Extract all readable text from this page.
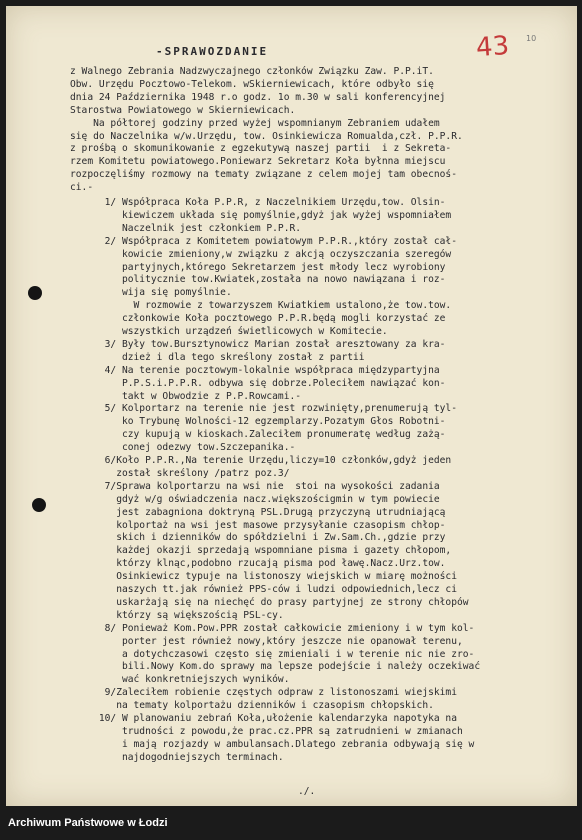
43 10
-SPRAWOZDANIE
z Walnego Zebrania Nadzwyczajnego członków Związku Zaw. P.P.iT.
Obw. Urzędu Pocztowo-Telekom. wSkierniewicach, które odbyło się
dnia 24 Października 1948 r.o godz. 1o m.30 w sali konferencyjnej
Starostwa Powiatowego w Skierniewicach.
Na półtorej godziny przed wyżej wspomnianym Zebraniem udałem
się do Naczelnika w/w.Urzędu, tow. Osinkiewicza Romualda,czł. P.P.R.
z prośbą o skomunikowanie z egzekutywą naszej partii  i z Sekreta-
rzem Komitetu powiatowego.Poniewarz Sekretarz Koła byłnna miejscu
rozpoczęliśmy rozmowy na tematy związane z celem mojej tam obecnoś-
ci.-
1/ Współpraca Koła P.P.R, z Naczelnikiem Urzędu,tow. Olsin-
kiewiczem układa się pomyślnie,gdyż jak wyżej wspomniałem
Naczelnik jest członkiem P.P.R.
2/ Współpraca z Komitetem powiatowym P.P.R.,który został cał-
kowicie zmieniony,w związku z akcją oczyszczania szeregów
partyjnych,którego Sekretarzem jest młody lecz wyrobiony
politycznie tow.Kwiatek,została na nowo nawiązana i roz-
wija się pomyślnie.
W rozmowie z towarzyszem Kwiatkiem ustalono,że tow.tow.
członkowie Koła pocztowego P.P.R.będą mogli korzystać ze
wszystkich urządzeń świetlicowych w Komitecie.
3/ Były tow.Bursztynowicz Marian został aresztowany za kra-
dzież i dla tego skreślony został z partii
4/ Na terenie pocztowym-lokalnie współpraca międzypartyjna
P.P.S.i.P.P.R. odbywa się dobrze.Poleciłem nawiązać kon-
takt w Obwodzie z P.P.Rowcami.-
5/ Kolportarz na terenie nie jest rozwinięty,prenumerują tyl-
ko Trybunę Wolności-12 egzemplarzy.Pozatym Głos Robotni-
czy kupują w kioskach.Zaleciłem pronumeratę według zażą-
conej odezwy tow.Szczepanika.-
6/Koło P.P.R.,Na terenie Urzędu,liczy=10 członków,gdyż jeden
został skreślony /patrz poz.3/
7/Sprawa kolportarzu na wsi nie  stoi na wysokości zadania
gdyż w/g oświadczenia nacz.większościgmin w tym powiecie
jest zabagniona doktryną PSL.Drugą przyczyną utrudniającą
kolportaż na wsi jest masowe przysyłanie czasopism chłop-
skich i dzienników do spółdzielni i Zw.Sam.Ch.,gdzie przy
każdej okazji sprzedają wspomniane pisma i gazety chłopom,
którzy klnąc,podobno rzucają pisma pod ławę.Nacz.Urz.tow.
Osinkiewicz typuje na listonoszy wiejskich w miarę możności
naszych tt.jak również PPS-ców i ludzi odpowiednich,lecz ci
uskarżają się na niechęć do prasy partyjnej ze strony chłopów
którzy są większością PSL-cy.
8/ Ponieważ Kom.Pow.PPR został całkowicie zmieniony i w tym kol-
porter jest również nowy,który jeszcze nie opanował terenu,
a dotychczasowi często się zmieniali i w terenie nic nie zro-
bili.Nowy Kom.do sprawy ma lepsze podejście i należy oczekiwać
wać konkretniejszych wyników.
9/Zaleciłem robienie częstych odpraw z listonoszami wiejskimi
na tematy kolportażu dzienników i czasopism chłopskich.
10/ W planowaniu zebrań Koła,ułożenie kalendarzyka napotyka na
trudności z powodu,że prac.cz.PPR są zatrudnieni w zmianach
i mają rozjazdy w ambulansach.Dlatego zebrania odbywają się w
najdogodniejszych terminach.
./.
Archiwum Państwowe w Łodzi
